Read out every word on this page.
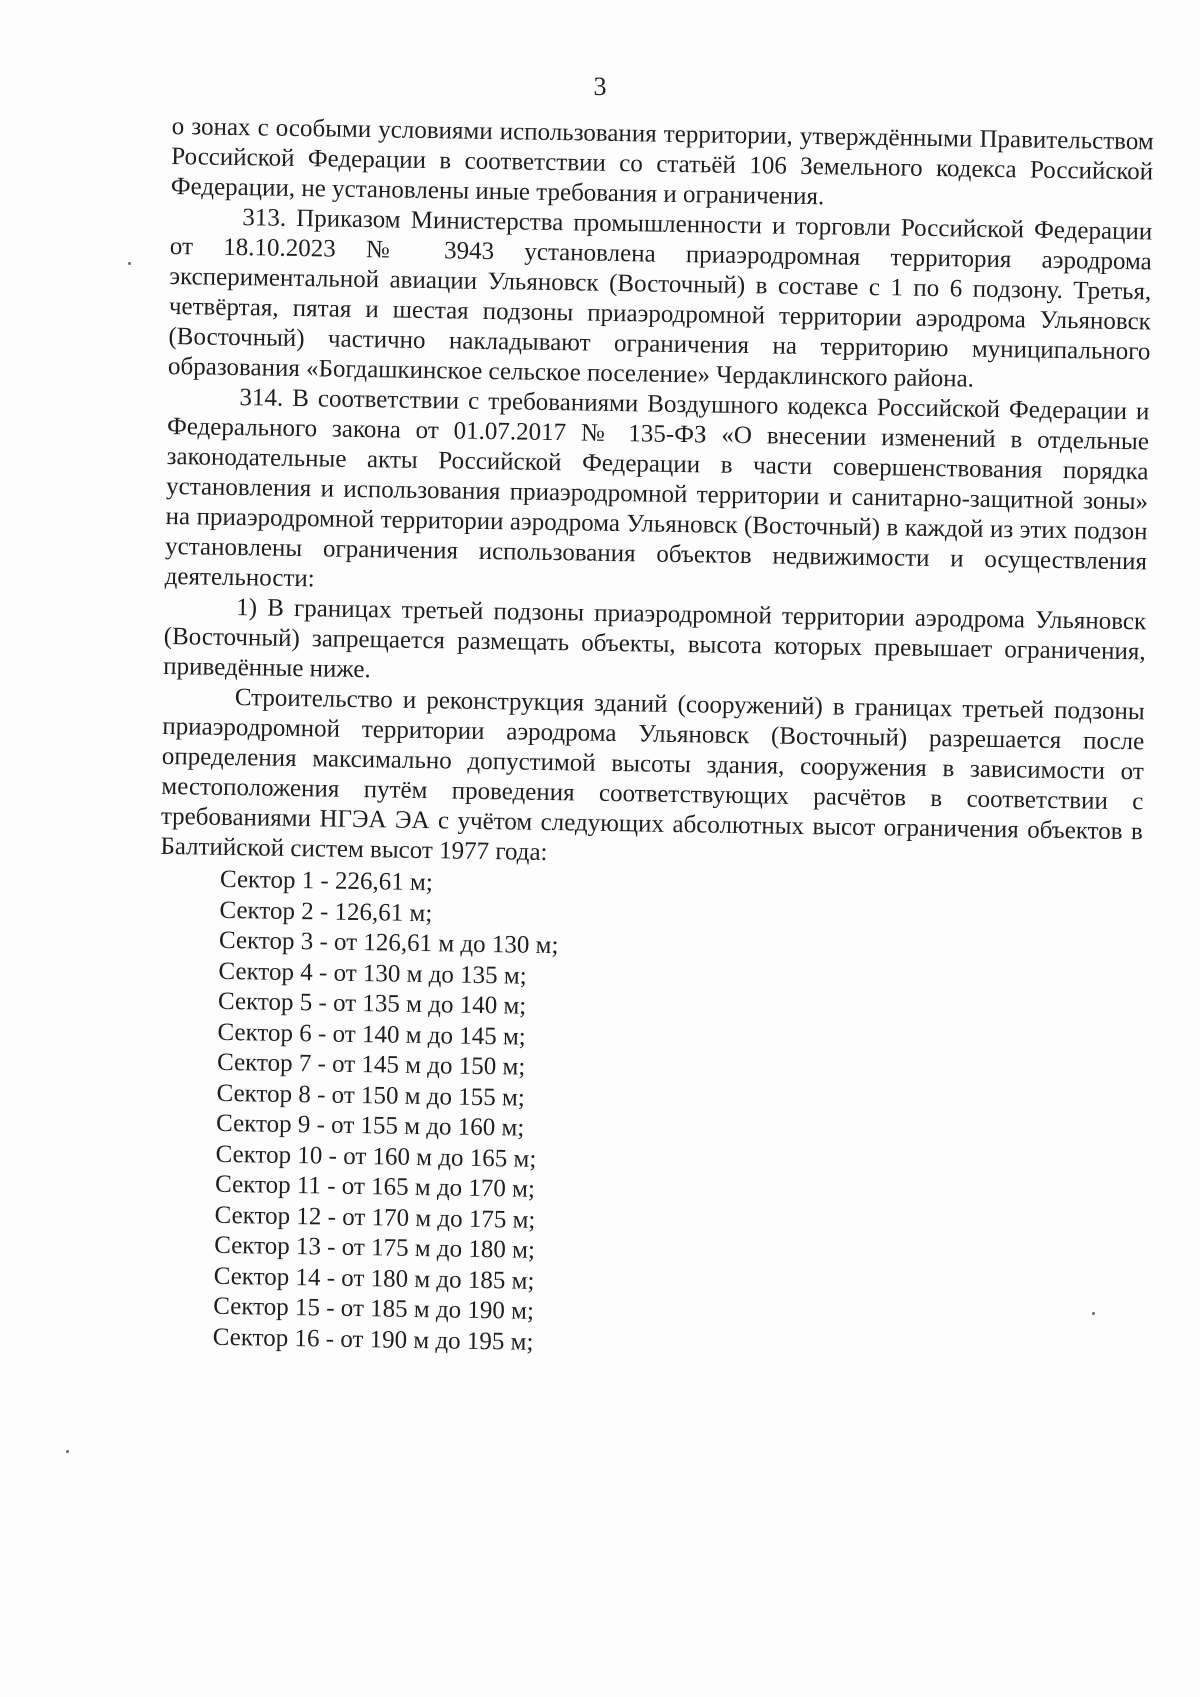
3

о зонах с особыми условиями использования территории, утверждёнными Правительством Российской Федерации в соответствии со статьёй 106 Земельного кодекса Российской Федерации, не установлены иные требования и ограничения.

313. Приказом Министерства промышленности и торговли Российской Федерации от 18.10.2023 № 3943 установлена приаэродромная территория аэродрома экспериментальной авиации Ульяновск (Восточный) в составе с 1 по 6 подзону. Третья, четвёртая, пятая и шестая подзоны приаэродромной территории аэродрома Ульяновск (Восточный) частично накладывают ограничения на территорию муниципального образования «Богдашкинское сельское поселение» Чердаклинского района.

314. В соответствии с требованиями Воздушного кодекса Российской Федерации и Федерального закона от 01.07.2017 № 135-ФЗ «О внесении изменений в отдельные законодательные акты Российской Федерации в части совершенствования порядка установления и использования приаэродромной территории и санитарно-защитной зоны» на приаэродромной территории аэродрома Ульяновск (Восточный) в каждой из этих подзон установлены ограничения использования объектов недвижимости и осуществления деятельности:

1) В границах третьей подзоны приаэродромной территории аэродрома Ульяновск (Восточный) запрещается размещать объекты, высота которых превышает ограничения, приведённые ниже.

Строительство и реконструкция зданий (сооружений) в границах третьей подзоны приаэродромной территории аэродрома Ульяновск (Восточный) разрешается после определения максимально допустимой высоты здания, сооружения в зависимости от местоположения путём проведения соответствующих расчётов в соответствии с требованиями НГЭА ЭА с учётом следующих абсолютных высот ограничения объектов в Балтийской систем высот 1977 года:

Сектор 1 - 226,61 м;
Сектор 2 - 126,61 м;
Сектор 3 - от 126,61 м до 130 м;
Сектор 4 - от 130 м до 135 м;
Сектор 5 - от 135 м до 140 м;
Сектор 6 - от 140 м до 145 м;
Сектор 7 - от 145 м до 150 м;
Сектор 8 - от 150 м до 155 м;
Сектор 9 - от 155 м до 160 м;
Сектор 10 - от 160 м до 165 м;
Сектор 11 - от 165 м до 170 м;
Сектор 12 - от 170 м до 175 м;
Сектор 13 - от 175 м до 180 м;
Сектор 14 - от 180 м до 185 м;
Сектор 15 - от 185 м до 190 м;
Сектор 16 - от 190 м до 195 м;
